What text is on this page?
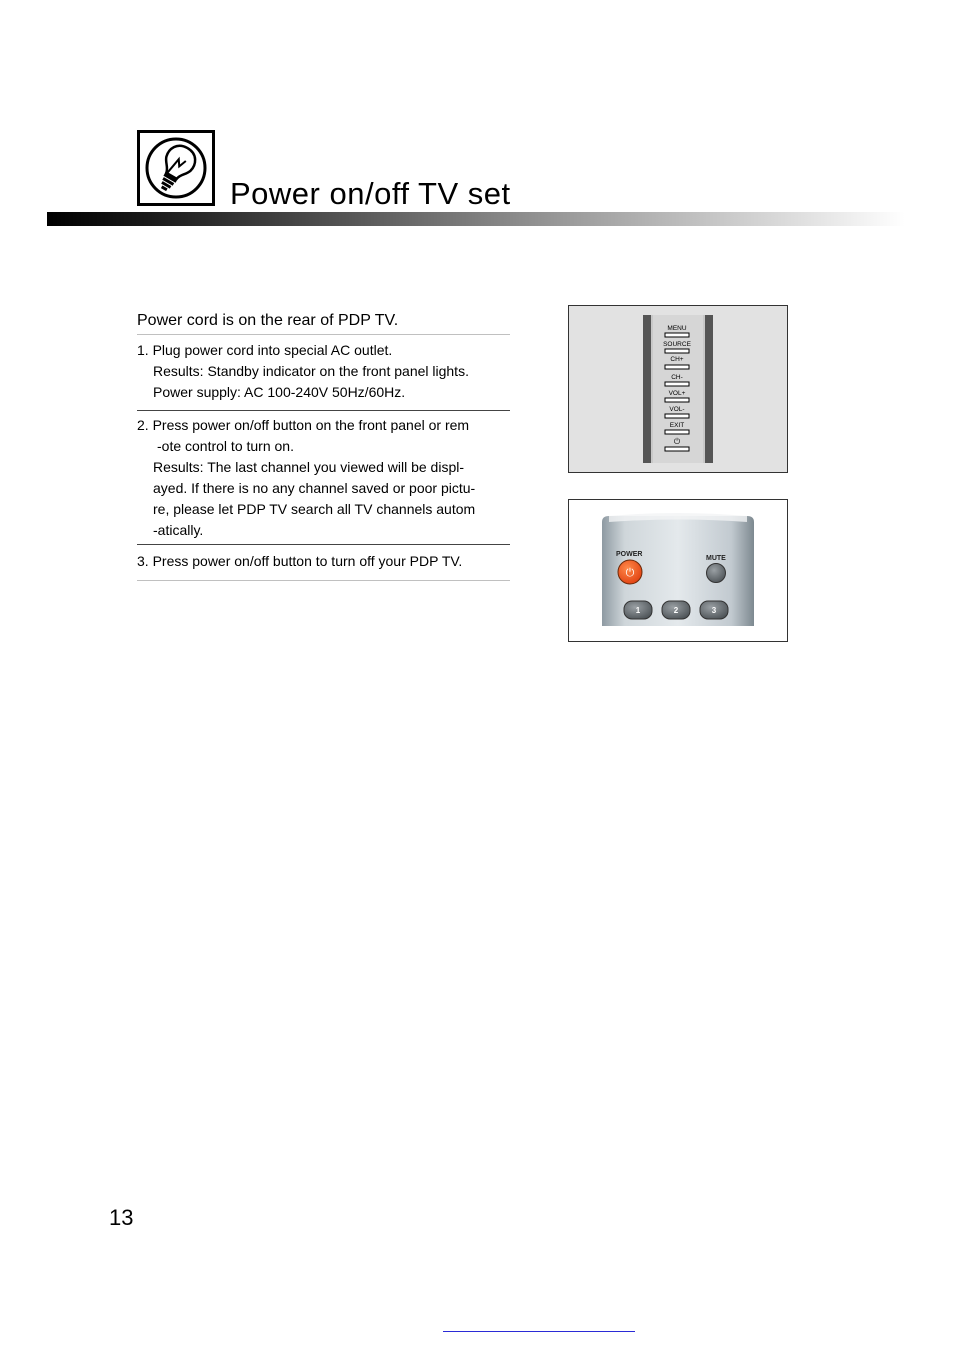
Power on/off TV set
Power cord is on the rear of PDP TV.
1. Plug power cord into special AC outlet.
Results: Standby indicator on the front panel lights.
Power supply: AC 100-240V 50Hz/60Hz.
2. Press power on/off button on the front panel or rem
-ote control to turn on.
Results: The last channel you viewed will be displ-
ayed. If there is no any channel saved or poor pictu-
re, please let PDP TV search all TV channels autom
-atically.
3. Press power on/off button to turn off your PDP TV.
MENU
SOURCE
CH+
CH-
VOL+
VOL-
EXIT
⏻
POWER
MUTE
⏻
1	2	3
13
